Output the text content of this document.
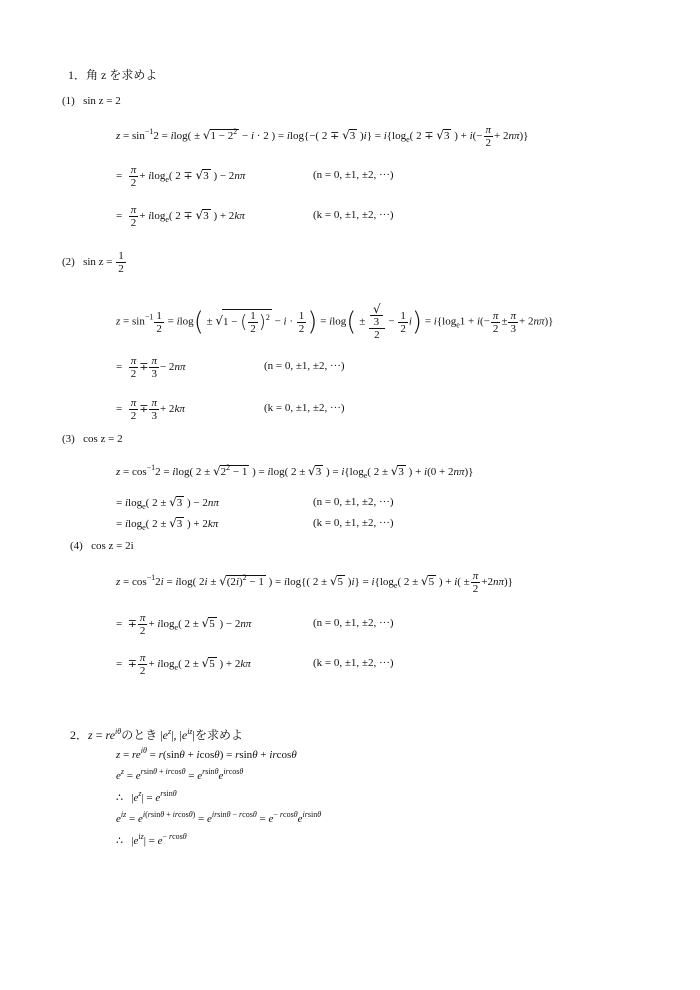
1．角 z を求めよ
(1) sin z = 2
$z = \sin^{-1}2 = ilog( \pm √1 - 2^2 - i \cdot 2$ ) = ilog{−( 2 ∓ √3 )$i\} = i\{\log_e$( 2 ∓ √3 ) + $i(- \frac{\pi}{2} + 2n\pi)$}
= $\frac{\pi}{2} + ilog_e$( 2 ∓ √3 ) − 2nπ	(n = 0, ±1, ±2, ···)
= $\frac{\pi}{2} + ilog_e$( 2 ∓ √3 ) + 2kπ	(k = 0, ±1, ±2, ···)
(2) $\sin z = \frac{1}{2}$
$z = \sin^{-1} \frac{1}{2} = ilog( \pm √1$ − ( $\frac{1}{2} )^2 - i \cdot \frac{1}{2}$ ) = ilog( ± √
3
$2 - \frac{1}{2} i) = i\{\log_e1 + i(- \frac{\pi}{2} \pm \frac{\pi}{3} + 2n\pi)\}$
= $\frac{\pi}{2} \mp \frac{\pi}{3} - 2n\pi$	(n = 0, ±1, ±2, ···)
= $\frac{\pi}{2} \mp \frac{\pi}{3} + 2k\pi$	(k = 0, ±1, ±2, ···)
(3) cos z = 2
$z = \cos^{-1}2 = ilog$( $2 \pm √2^2 - 1$ ) = ilog( 2 ± √3 ) = $i\{\log_e$( 2 ± √3 ) + i(0 + 2nπ)}
= ilog$_e$( 2 ± √3 ) − 2nπ	(n = 0, ±1, ±2, ···)
= ilog$_e$( 2 ± √3 ) + 2kπ	(k = 0, ±1, ±2, ···)
(4) cos z = 2i
$z = \cos^{-1}2i = ilog$( $2i \pm √(2i)^2 - 1$ ) = ilog{( 2 ± √5 )$i\} = i\{\log_e$( 2 ± √5 ) + $i( \pm \frac{\pi}{2} +2n\pi)$}
=  ∓ $\frac{\pi}{2} + ilog_e$( 2 ± √5 ) − 2nπ	(n = 0, ±1, ±2, ···)
=  ∓ $\frac{\pi}{2} + ilog_e$( 2 ± √5 ) + 2kπ	(k = 0, ±1, ±2, ···)
2．$z = re^{i\theta}$のとき $|e^z|$, $|e^{iz}|$を求めよ
$z = re^{i\theta} = r(\sin\theta + icos\theta) = rsin\theta + ircos\theta$
$e^z = e^{rsin\theta + ircos\theta} = e^{rsin\theta}e^{ircos\theta}$
∴   $|e^z| = e^{rsin\theta}$
$e^{iz} = e^{i(rsin\theta + ircos\theta)} = e^{irsin\theta - rcos\theta} = e^{- rcos\theta}e^{irsin\theta}$
∴   $|e^{iz}| = e^{- rcos\theta}$
